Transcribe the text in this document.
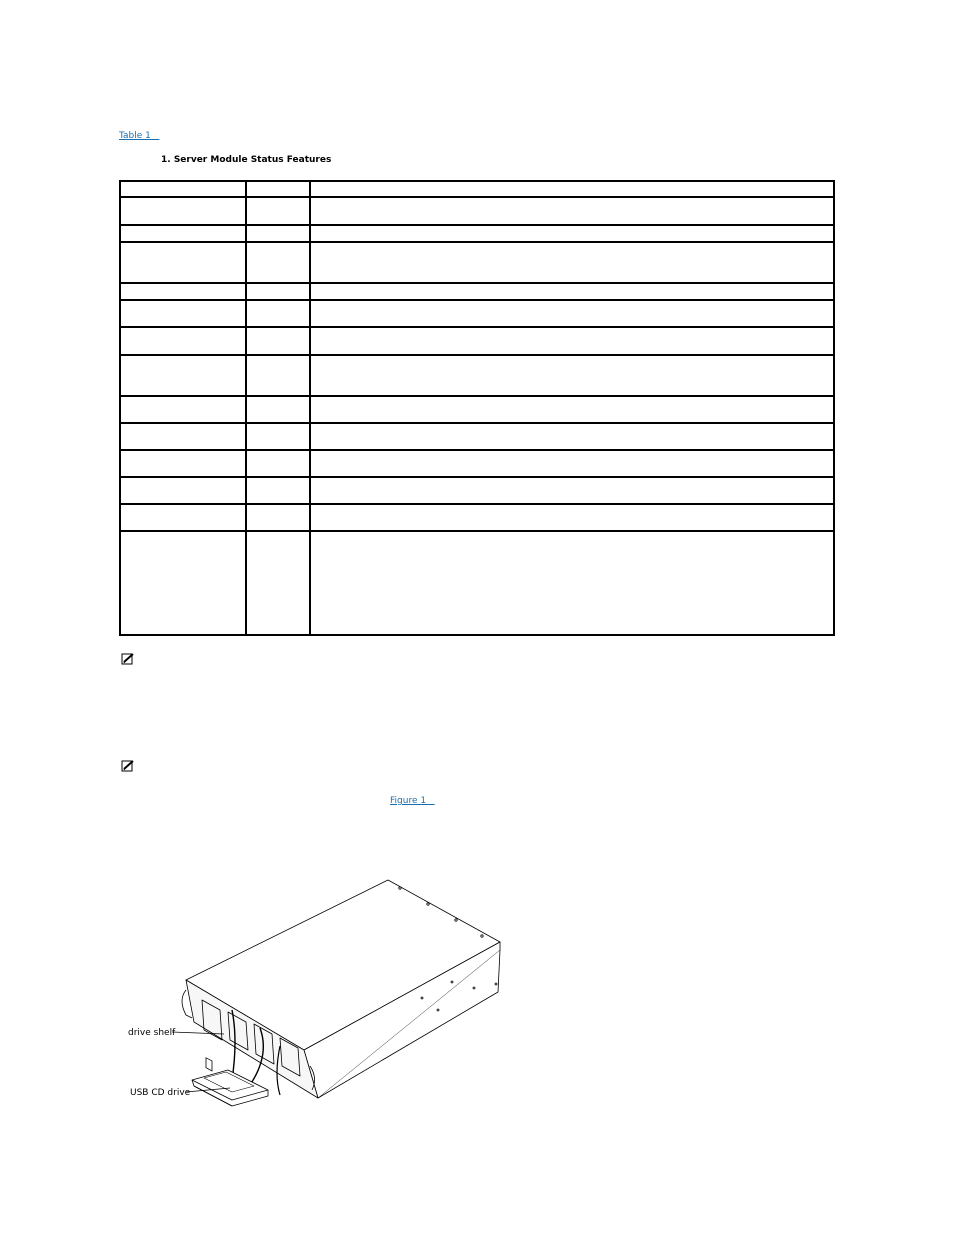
Table 1
1. Server Module Status Features

Figure 1
drive shelf
USB CD drive
